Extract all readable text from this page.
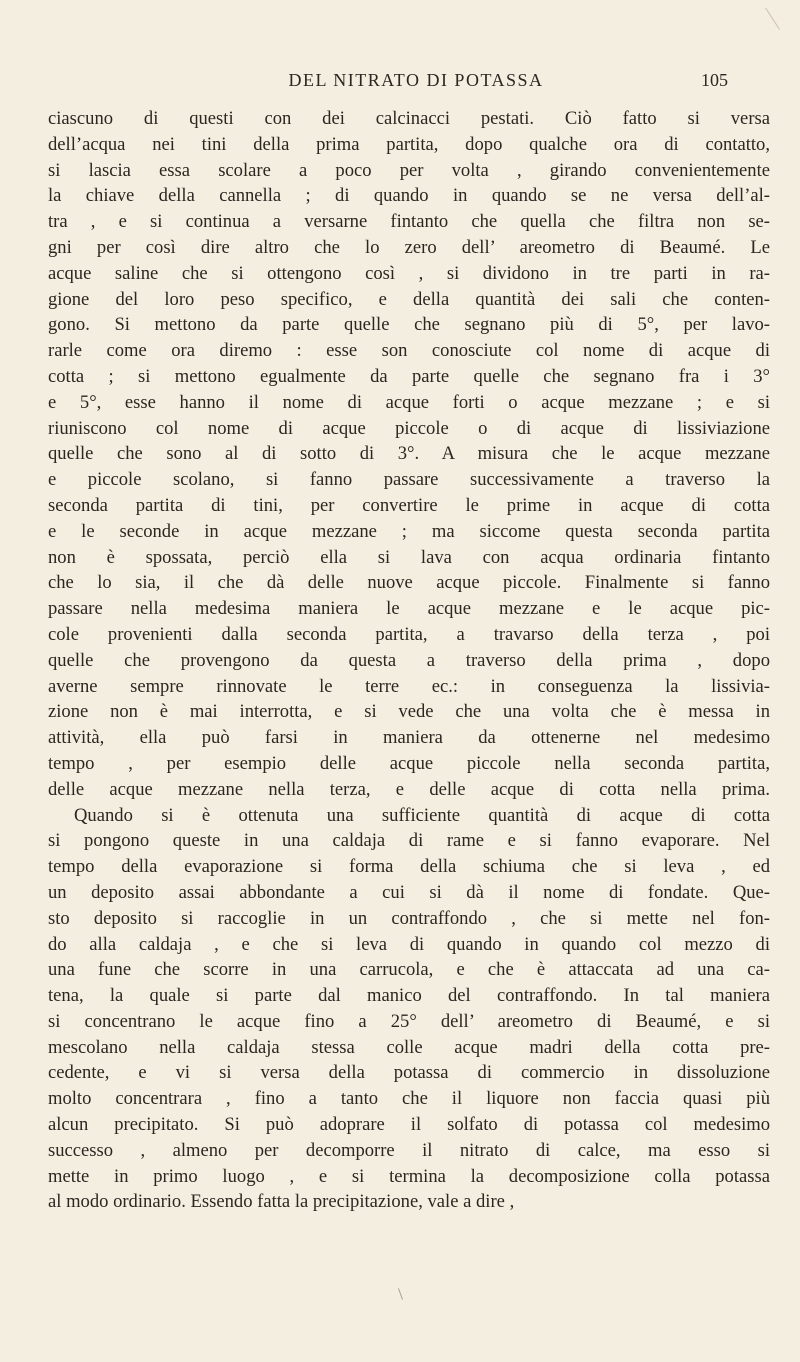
DEL NITRATO DI POTASSA	105
ciascuno di questi con dei calcinacci pestati. Ciò fatto si versa
dell’acqua nei tini della prima partita, dopo qualche ora di contatto,
si lascia essa scolare a poco per volta , girando convenientemente
la chiave della cannella ; di quando in quando se ne versa dell’al-
tra , e si continua a versarne fintanto che quella che filtra non se-
gni per così dire altro che lo zero dell’ areometro di Beaumé. Le
acque saline che si ottengono così , si dividono in tre parti in ra-
gione del loro peso specifico, e della quantità dei sali che conten-
gono. Si mettono da parte quelle che segnano più di 5°, per lavo-
rarle come ora diremo : esse son conosciute col nome di acque di
cotta ; si mettono egualmente da parte quelle che segnano fra i 3°
e 5°, esse hanno il nome di acque forti o acque mezzane ; e si
riuniscono col nome di acque piccole o di acque di lissiviazione
quelle che sono al di sotto di 3°. A misura che le acque mezzane
e piccole scolano, si fanno passare successivamente a traverso la
seconda partita di tini, per convertire le prime in acque di cotta
e le seconde in acque mezzane ; ma siccome questa seconda partita
non è spossata, perciò ella si lava con acqua ordinaria fintanto
che lo sia, il che dà delle nuove acque piccole. Finalmente si fanno
passare nella medesima maniera le acque mezzane e le acque pic-
cole provenienti dalla seconda partita, a travarso della terza , poi
quelle che provengono da questa a traverso della prima , dopo
averne sempre rinnovate le terre ec.: in conseguenza la lissivia-
zione non è mai interrotta, e si vede che una volta che è messa in
attività, ella può farsi in maniera da ottenerne nel medesimo
tempo , per esempio delle acque piccole nella seconda partita,
delle acque mezzane nella terza, e delle acque di cotta nella prima.
Quando si è ottenuta una sufficiente quantità di acque di cotta
si pongono queste in una caldaja di rame e si fanno evaporare. Nel
tempo della evaporazione si forma della schiuma che si leva , ed
un deposito assai abbondante a cui si dà il nome di fondate. Que-
sto deposito si raccoglie in un contraffondo , che si mette nel fon-
do alla caldaja , e che si leva di quando in quando col mezzo di
una fune che scorre in una carrucola, e che è attaccata ad una ca-
tena, la quale si parte dal manico del contraffondo. In tal maniera
si concentrano le acque fino a 25° dell’ areometro di Beaumé, e si
mescolano nella caldaja stessa colle acque madri della cotta pre-
cedente, e vi si versa della potassa di commercio in dissoluzione
molto concentrara , fino a tanto che il liquore non faccia quasi più
alcun precipitato. Si può adoprare il solfato di potassa col medesimo
successo , almeno per decomporre il nitrato di calce, ma esso si
mette in primo luogo , e si termina la decomposizione colla potassa
al modo ordinario. Essendo fatta la precipitazione, vale a dire ,
